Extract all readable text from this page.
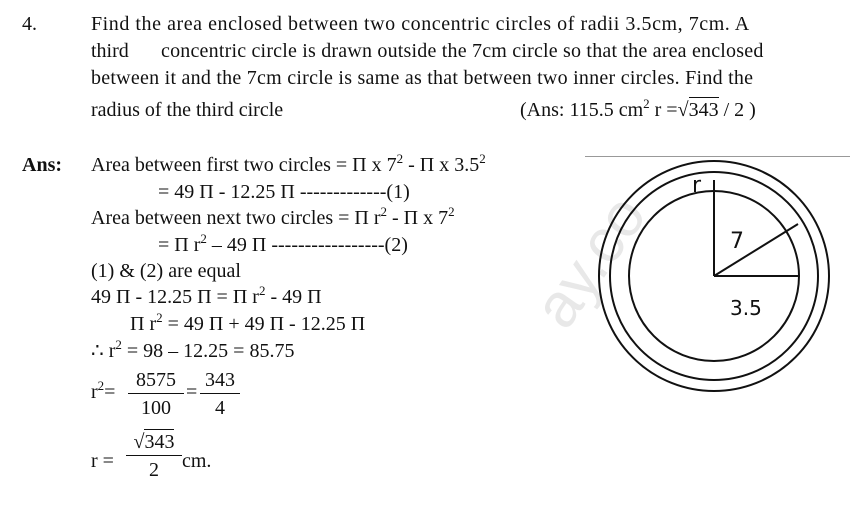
ay.co
4.	Find the area enclosed between two concentric circles of radii 3.5cm, 7cm. A
third concentric circle is drawn outside the 7cm circle so that the area enclosed
between it and the 7cm circle is same as that between two inner circles. Find the
radius of the third circle	(Ans: 115.5 $cm^2$ r =√343 / 2 )
Ans: Area between first two circles = Π x $7^2$ - Π x $3.5^2$
= 49 Π - 12.25 Π -------------(1)
Area between next two circles = Π $r^2$ - Π x $7^2$
= Π $r^2 - 49$ Π -----------------(2)
(1) & (2) are equal
49 Π - 12.25 Π = Π $r^2 - 49$ Π
Π $r^2 = 49$ Π + 49 Π - 12.25 Π
∴ $r^2 = 98 - 12.25 = 85.75$
$r^2= \frac{8575}{100} = \frac{343}{4}$
$r = \frac{√343}{2}$ cm.
r
7
3.5
